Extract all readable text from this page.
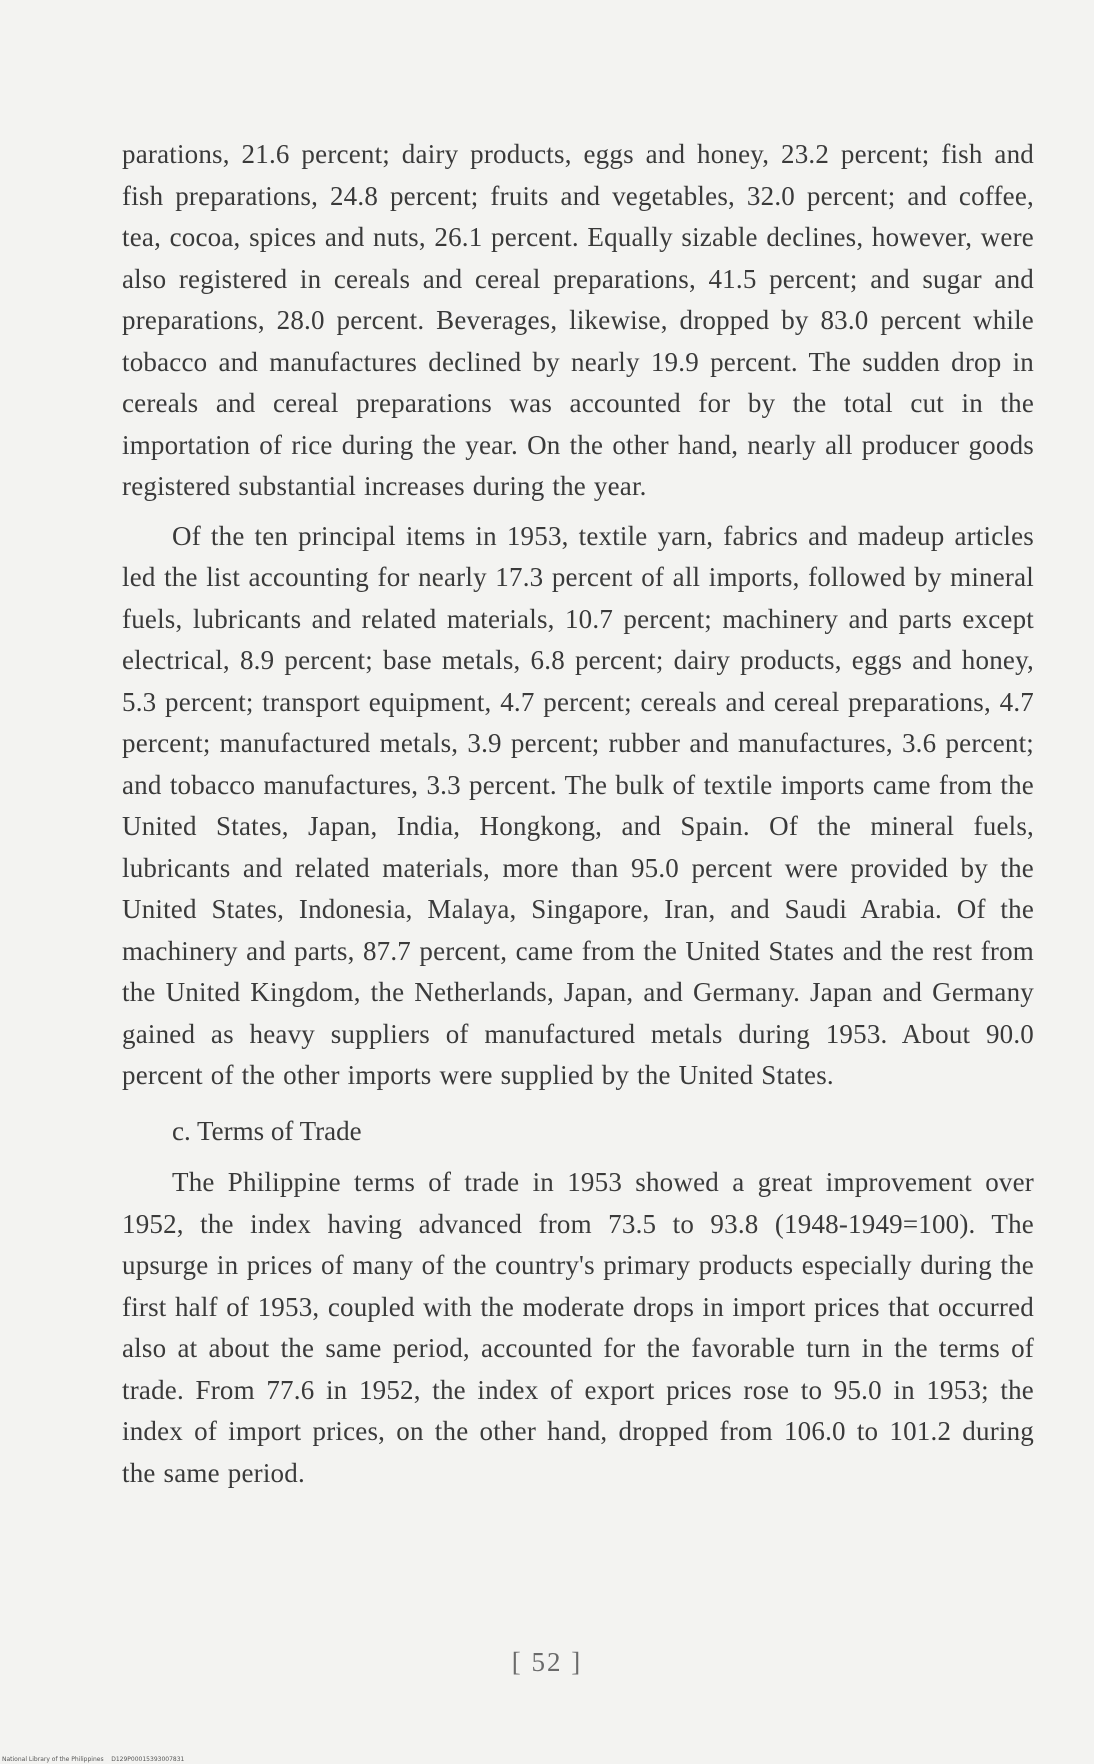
parations, 21.6 percent; dairy products, eggs and honey, 23.2 percent; fish and fish preparations, 24.8 percent; fruits and vegetables, 32.0 percent; and coffee, tea, cocoa, spices and nuts, 26.1 percent. Equally sizable declines, however, were also registered in cereals and cereal preparations, 41.5 percent; and sugar and preparations, 28.0 percent. Beverages, likewise, dropped by 83.0 percent while tobacco and manufactures declined by nearly 19.9 percent. The sudden drop in cereals and cereal preparations was accounted for by the total cut in the importation of rice during the year. On the other hand, nearly all producer goods registered substantial increases during the year.

Of the ten principal items in 1953, textile yarn, fabrics and madeup articles led the list accounting for nearly 17.3 percent of all imports, followed by mineral fuels, lubricants and related materials, 10.7 percent; machinery and parts except electrical, 8.9 percent; base metals, 6.8 percent; dairy products, eggs and honey, 5.3 percent; transport equipment, 4.7 percent; cereals and cereal preparations, 4.7 percent; manufactured metals, 3.9 percent; rubber and manufactures, 3.6 percent; and tobacco manufactures, 3.3 percent. The bulk of textile imports came from the United States, Japan, India, Hongkong, and Spain. Of the mineral fuels, lubricants and related materials, more than 95.0 percent were provided by the United States, Indonesia, Malaya, Singapore, Iran, and Saudi Arabia. Of the machinery and parts, 87.7 percent, came from the United States and the rest from the United Kingdom, the Netherlands, Japan, and Germany. Japan and Germany gained as heavy suppliers of manufactured metals during 1953. About 90.0 percent of the other imports were supplied by the United States.

c. Terms of Trade

The Philippine terms of trade in 1953 showed a great improvement over 1952, the index having advanced from 73.5 to 93.8 (1948-1949=100). The upsurge in prices of many of the country's primary products especially during the first half of 1953, coupled with the moderate drops in import prices that occurred also at about the same period, accounted for the favorable turn in the terms of trade. From 77.6 in 1952, the index of export prices rose to 95.0 in 1953; the index of import prices, on the other hand, dropped from 106.0 to 101.2 during the same period.

[ 52 ]
National Library of the Philippines D129P00015393007831
